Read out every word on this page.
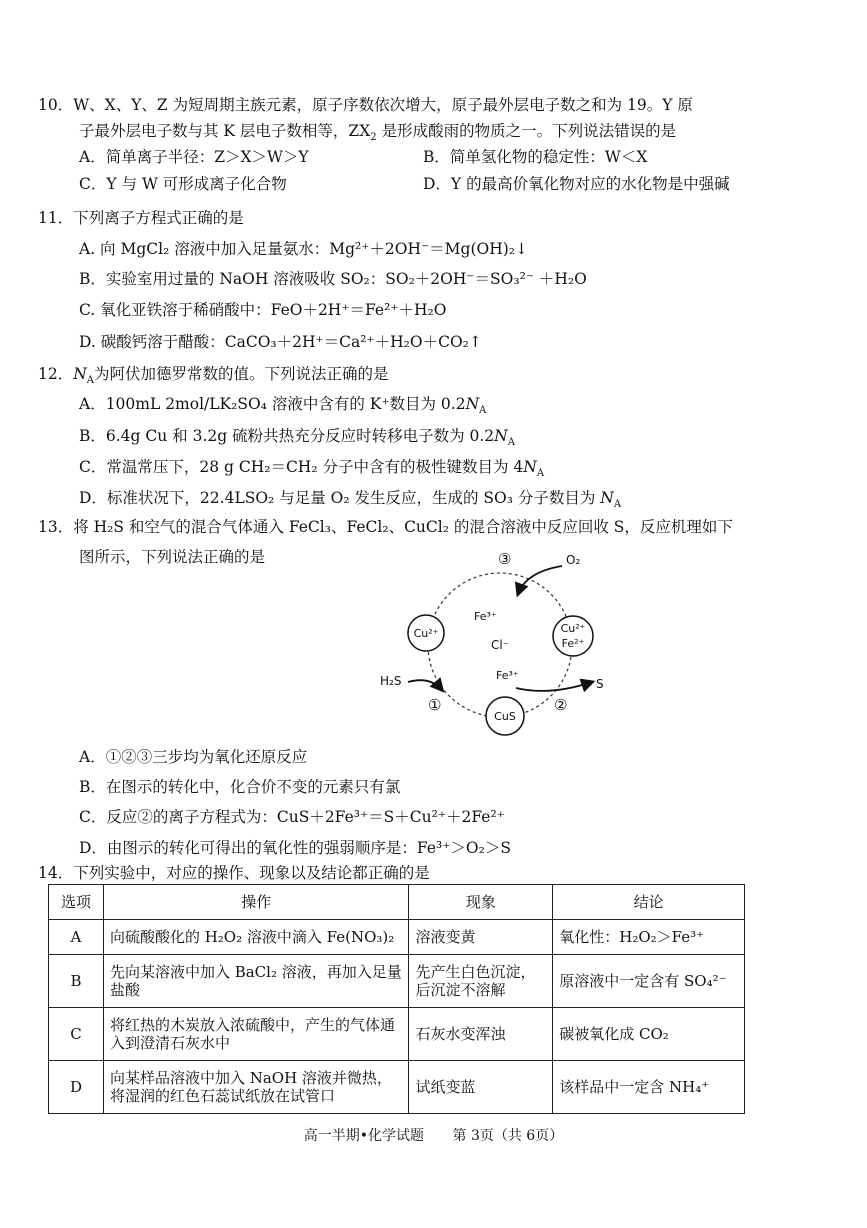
10．W、X、Y、Z 为短周期主族元素，原子序数依次增大，原子最外层电子数之和为 19。Y 原
子最外层电子数与其 K 层电子数相等，$ZX_2$ 是形成酸雨的物质之一。下列说法错误的是
A．简单离子半径：Z＞X＞W＞Y	B．简单氢化物的稳定性：W＜X
C．Y 与 W 可形成离子化合物	D．Y 的最高价氧化物对应的水化物是中强碱
11．下列离子方程式正确的是
A. 向 MgCl₂ 溶液中加入足量氨水：Mg²⁺＋2OH⁻＝Mg(OH)₂↓
B．实验室用过量的 NaOH 溶液吸收 SO₂：SO₂＋2OH⁻＝SO₃²⁻ ＋H₂O
C. 氧化亚铁溶于稀硝酸中：FeO＋2H⁺＝Fe²⁺＋H₂O
D. 碳酸钙溶于醋酸：CaCO₃＋2H⁺＝Ca²⁺＋H₂O＋CO₂↑
12．$N_A$为阿伏加德罗常数的值。下列说法正确的是
A．100mL 2mol/LK₂SO₄ 溶液中含有的 K⁺数目为 $0.2N_A$
B．6.4g Cu 和 3.2g 硫粉共热充分反应时转移电子数为 $0.2N_A$
C．常温常压下，28 g CH₂＝CH₂ 分子中含有的极性键数目为 $4N_A$
D．标准状况下，22.4LSO₂ 与足量 O₂ 发生反应，生成的 SO₃ 分子数目为 $N_A$
13．将 H₂S 和空气的混合气体通入 FeCl₃、FeCl₂、CuCl₂ 的混合溶液中反应回收 S，反应机理如下
图所示，下列说法正确的是
Cu²⁺	Cu²⁺
Fe²⁺
CuS
Cl⁻
Fe³⁺
Fe³⁺
O₂
H₂S	S
③
①	②
A．①②③三步均为氧化还原反应
B．在图示的转化中，化合价不变的元素只有氯
C．反应②的离子方程式为：CuS＋2Fe³⁺＝S＋Cu²⁺＋2Fe²⁺
D．由图示的转化可得出的氧化性的强弱顺序是：Fe³⁺＞O₂＞S
14．下列实验中，对应的操作、现象以及结论都正确的是
选项	操作	现象	结论
A	向硫酸酸化的 H₂O₂ 溶液中滴入 Fe(NO₃)₂	溶液变黄	氧化性：H₂O₂＞Fe³⁺
B	先向某溶液中加入 BaCl₂ 溶液，再加入足量盐酸	先产生白色沉淀，后沉淀不溶解	原溶液中一定含有 SO₄²⁻
C	将红热的木炭放入浓硫酸中，产生的气体通入到澄清石灰水中	石灰水变浑浊	碳被氧化成 CO₂
D	向某样品溶液中加入 NaOH 溶液并微热，将湿润的红色石蕊试纸放在试管口	试纸变蓝	该样品中一定含 NH₄⁺
高一半期•化学试题 第 3页（共 6页）
